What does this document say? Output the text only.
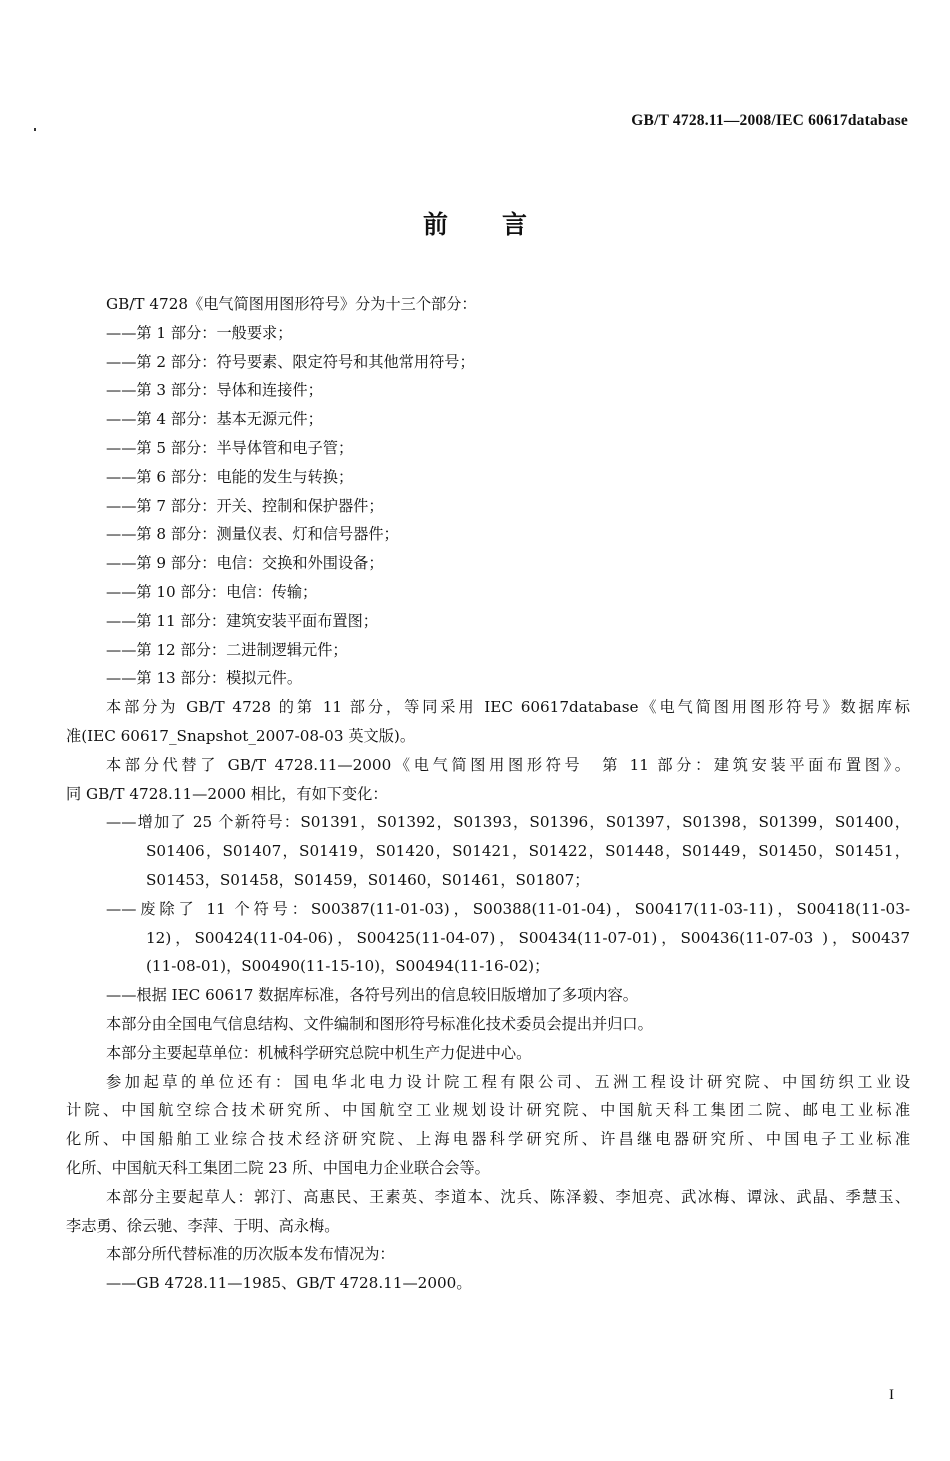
GB/T 4728.11—2008/IEC 60617database
前言
GB/T 4728《电气简图用图形符号》分为十三个部分：
——第 1 部分：一般要求；
——第 2 部分：符号要素、限定符号和其他常用符号；
——第 3 部分：导体和连接件；
——第 4 部分：基本无源元件；
——第 5 部分：半导体管和电子管；
——第 6 部分：电能的发生与转换；
——第 7 部分：开关、控制和保护器件；
——第 8 部分：测量仪表、灯和信号器件；
——第 9 部分：电信：交换和外围设备；
——第 10 部分：电信：传输；
——第 11 部分：建筑安装平面布置图；
——第 12 部分：二进制逻辑元件；
——第 13 部分：模拟元件。
本部分为 GB/T 4728 的第 11 部分，等同采用 IEC 60617database《电气简图用图形符号》数据库标
准(IEC 60617_Snapshot_2007-08-03 英文版)。
本部分代替了 GB/T 4728.11—2000《电气简图用图形符号　第 11 部分：建筑安装平面布置图》。
同 GB/T 4728.11—2000 相比，有如下变化：
——增加了 25 个新符号：S01391，S01392，S01393，S01396，S01397，S01398，S01399，S01400，
S01406，S01407，S01419，S01420，S01421，S01422，S01448，S01449，S01450，S01451，
S01453，S01458，S01459，S01460，S01461，S01807；
——废除了 11 个符号：S00387(11-01-03)，S00388(11-01-04)，S00417(11-03-11)，S00418(11-03-
12)，S00424(11-04-06)，S00425(11-04-07)，S00434(11-07-01)，S00436(11-07-03 )，S00437
(11-08-01)，S00490(11-15-10)，S00494(11-16-02)；
——根据 IEC 60617 数据库标准，各符号列出的信息较旧版增加了多项内容。
本部分由全国电气信息结构、文件编制和图形符号标准化技术委员会提出并归口。
本部分主要起草单位：机械科学研究总院中机生产力促进中心。
参加起草的单位还有：国电华北电力设计院工程有限公司、五洲工程设计研究院、中国纺织工业设
计院、中国航空综合技术研究所、中国航空工业规划设计研究院、中国航天科工集团二院、邮电工业标准
化所、中国船舶工业综合技术经济研究院、上海电器科学研究所、许昌继电器研究所、中国电子工业标准
化所、中国航天科工集团二院 23 所、中国电力企业联合会等。
本部分主要起草人：郭汀、高惠民、王素英、李道本、沈兵、陈泽毅、李旭亮、武冰梅、谭泳、武晶、季慧玉、
李志勇、徐云驰、李萍、于明、高永梅。
本部分所代替标准的历次版本发布情况为：
——GB 4728.11—1985、GB/T 4728.11—2000。
I
